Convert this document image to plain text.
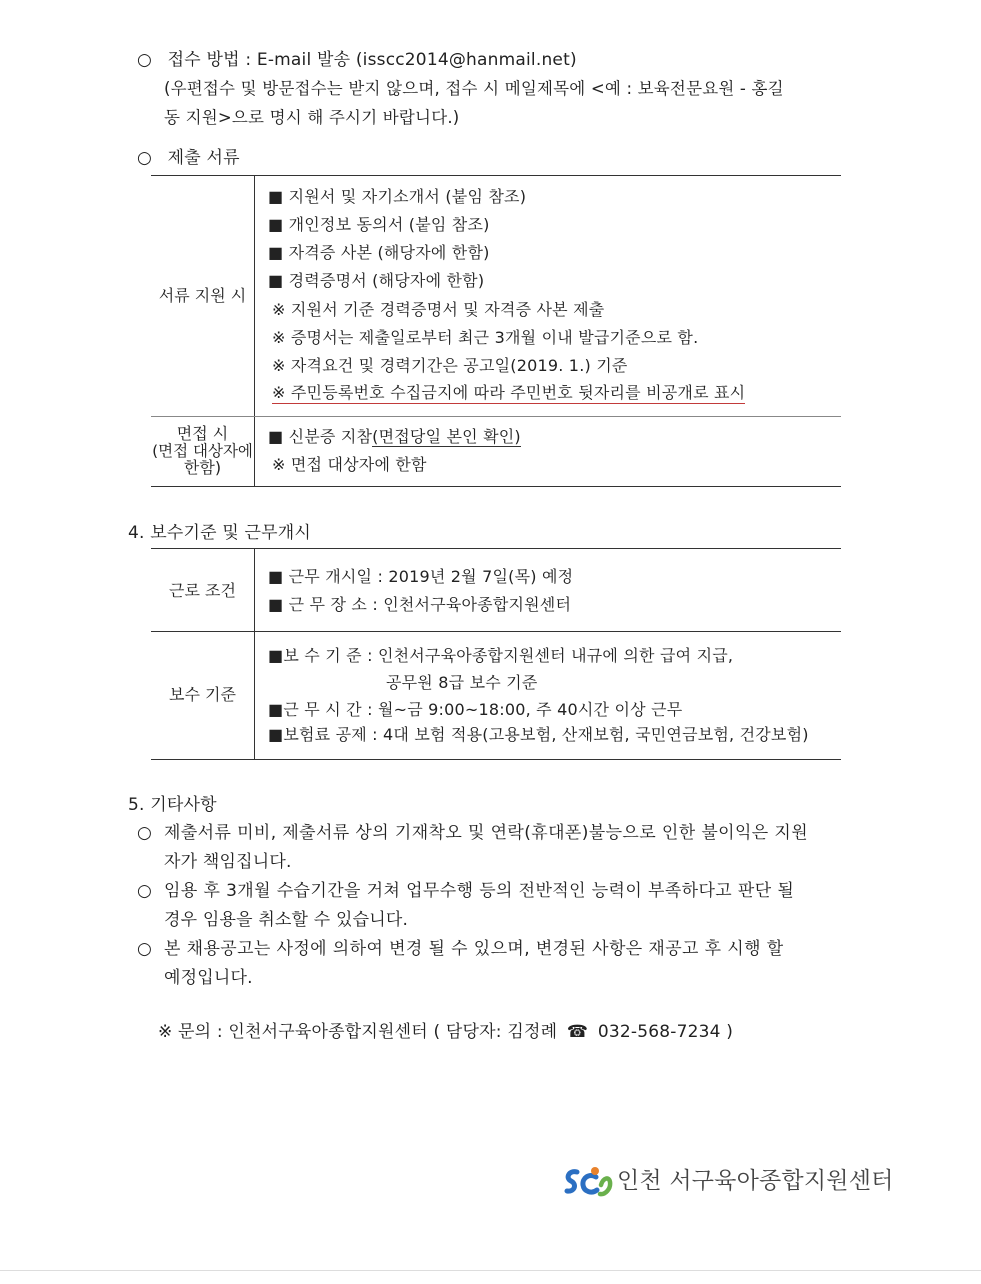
○ 접수 방법 : E-mail 발송 (isscc2014@hanmail.net)
(우편접수 및 방문접수는 받지 않으며, 접수 시 메일제목에 <예 : 보육전문요원 - 홍길
동 지원>으로 명시 해 주시기 바랍니다.)
○ 제출 서류
서류 지원 시
■ 지원서 및 자기소개서 (붙임 참조)
■ 개인정보 동의서 (붙임 참조)
■ 자격증 사본 (해당자에 한함)
■ 경력증명서 (해당자에 한함)
※ 지원서 기준 경력증명서 및 자격증 사본 제출
※ 증명서는 제출일로부터 최근 3개월 이내 발급기준으로 함.
※ 자격요건 및 경력기간은 공고일(2019. 1.) 기준
※ 주민등록번호 수집금지에 따라 주민번호 뒷자리를 비공개로 표시
면접 시
(면접 대상자에
한함)
■ 신분증 지참(면접당일 본인 확인)
※ 면접 대상자에 한함
4. 보수기준 및 근무개시
근로 조건
■ 근무 개시일 : 2019년 2월 7일(목) 예정
■ 근 무 장 소 : 인천서구육아종합지원센터
보수 기준
■보 수 기 준 : 인천서구육아종합지원센터 내규에 의한 급여 지급,
공무원 8급 보수 기준
■근 무 시 간 : 월~금 9:00~18:00, 주 40시간 이상 근무
■보험료 공제 : 4대 보험 적용(고용보험, 산재보험, 국민연금보험, 건강보험)
5. 기타사항
○
제출서류 미비, 제출서류 상의 기재착오 및 연락(휴대폰)불능으로 인한 불이익은 지원
자가 책임집니다.
○
임용 후 3개월 수습기간을 거쳐 업무수행 등의 전반적인 능력이 부족하다고 판단 될
경우 임용을 취소할 수 있습니다.
○
본 채용공고는 사정에 의하여 변경 될 수 있으며, 변경된 사항은 재공고 후 시행 할
예정입니다.
※ 문의 : 인천서구육아종합지원센터 ( 담당자: 김정례 ☎ 032-568-7234 )
인천 서구육아종합지원센터
